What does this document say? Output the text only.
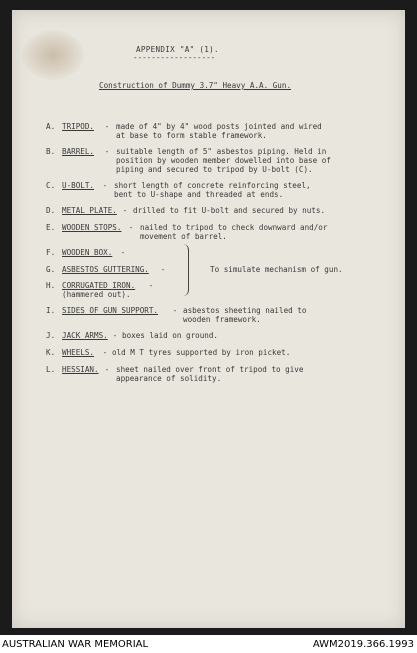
APPENDIX "A" (1).
------------------
Construction of Dummy 3.7" Heavy A.A. Gun.
A. TRIPOD. - made of 4" by 4" wood posts jointed and wired
at base to form stable framework.
B. BARREL. - suitable length of 5" asbestos piping. Held in
position by wooden member dowelled into base of
piping and secured to tripod by U-bolt (C).
C. U-BOLT. - short length of concrete reinforcing steel,
bent to U-shape and threaded at ends.
D. METAL PLATE. - drilled to fit U-bolt and secured by nuts.
E. WOODEN STOPS. - nailed to tripod to check downward and/or
movement of barrel.
F. WOODEN BOX. -
G. ASBESTOS GUTTERING. -
H. CORRUGATED IRON. -
(hammered out).
To simulate mechanism of gun.
I. SIDES OF GUN SUPPORT. - asbestos sheeting nailed to
wooden framework.
J. JACK ARMS. - boxes laid on ground.
K. WHEELS. - old M T tyres supported by iron picket.
L. HESSIAN. - sheet nailed over front of tripod to give
appearance of solidity.
AUSTRALIAN WAR MEMORIAL	AWM2019.366.1993
